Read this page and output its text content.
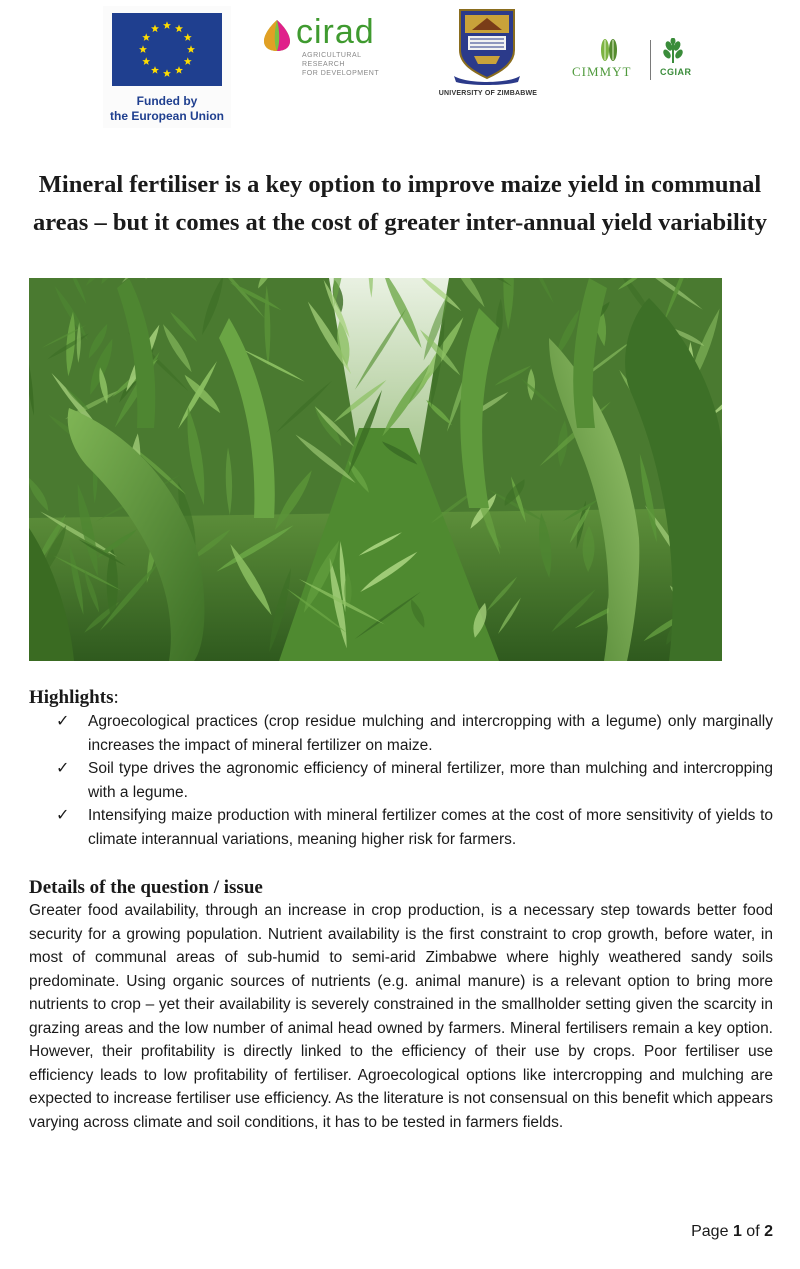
Funded by
the European Union
cirad
AGRICULTURAL RESEARCH
FOR DEVELOPMENT
UNIVERSITY OF ZIMBABWE
CIMMYT	CGIAR
Mineral fertiliser is a key option to improve maize yield in communal areas – but it comes at the cost of greater inter-annual yield variability
Highlights:
✓	Agroecological practices (crop residue mulching and intercropping with a legume) only marginally increases the impact of mineral fertilizer on maize.
✓	Soil type drives the agronomic efficiency of mineral fertilizer, more than mulching and intercropping with a legume.
✓	Intensifying maize production with mineral fertilizer comes at the cost of more sensitivity of yields to climate interannual variations, meaning higher risk for farmers.
Details of the question / issue

Greater food availability, through an increase in crop production, is a necessary step towards better food security for a growing population. Nutrient availability is the first constraint to crop growth, before water, in most of communal areas of sub-humid to semi-arid Zimbabwe where highly weathered sandy soils predominate. Using organic sources of nutrients (e.g. animal manure) is a relevant option to bring more nutrients to crop – yet their availability is severely constrained in the smallholder setting given the scarcity in grazing areas and the low number of animal head owned by farmers. Mineral fertilisers remain a key option. However, their profitability is directly linked to the efficiency of their use by crops. Poor fertiliser use efficiency leads to low profitability of fertiliser. Agroecological options like intercropping and mulching are expected to increase fertiliser use efficiency. As the literature is not consensual on this benefit which appears varying across climate and soil conditions, it has to be tested in farmers fields.

Page 1 of 2
